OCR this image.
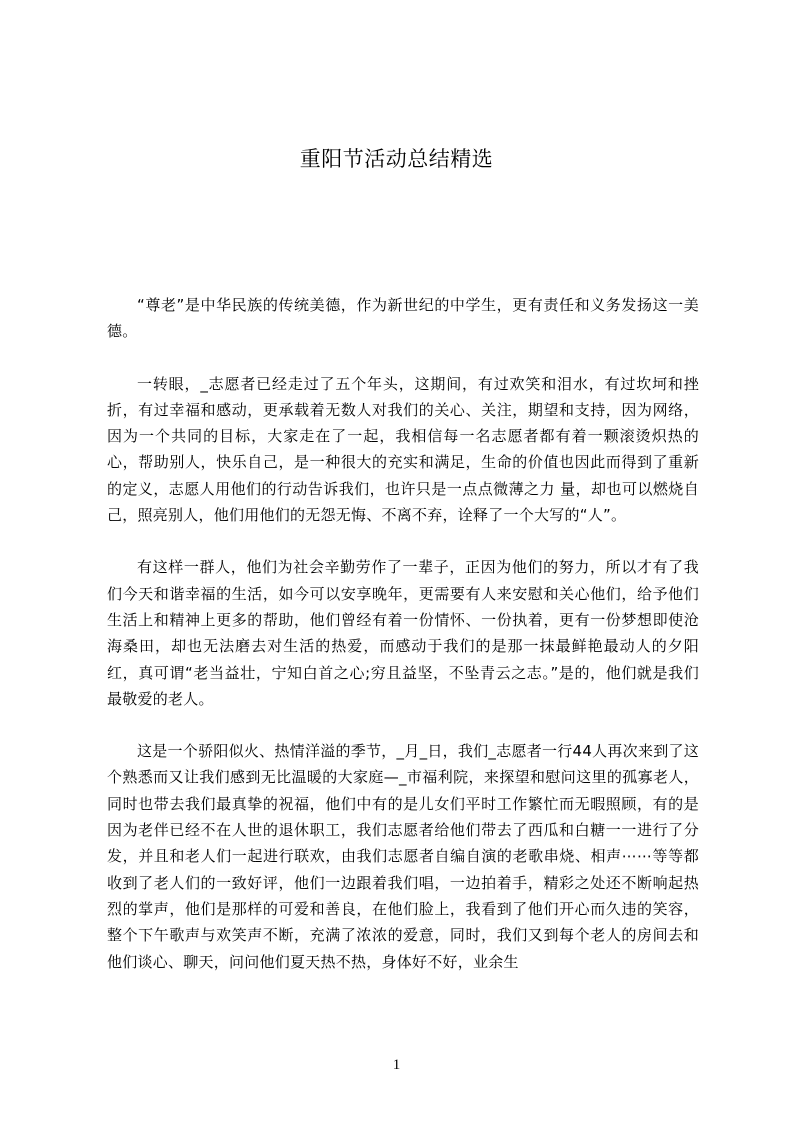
重阳节活动总结精选

“尊老”是中华民族的传统美德，作为新世纪的中学生，更有责任和义务发扬这一美德。

一转眼，_志愿者已经走过了五个年头，这期间，有过欢笑和泪水，有过坎坷和挫折，有过幸福和感动，更承载着无数人对我们的关心、关注，期望和支持，因为网络，因为一个共同的目标，大家走在了一起，我相信每一名志愿者都有着一颗滚烫炽热的心，帮助别人，快乐自己，是一种很大的充实和满足，生命的价值也因此而得到了重新的定义，志愿人用他们的行动告诉我们，也许只是一点点微薄之力 量，却也可以燃烧自己，照亮别人，他们用他们的无怨无悔、不离不弃，诠释了一个大写的“人”。

有这样一群人，他们为社会辛勤劳作了一辈子，正因为他们的努力，所以才有了我们今天和谐幸福的生活，如今可以安享晚年，更需要有人来安慰和关心他们，给予他们生活上和精神上更多的帮助，他们曾经有着一份情怀、一份执着，更有一份梦想即使沧海桑田，却也无法磨去对生活的热爱，而感动于我们的是那一抹最鲜艳最动人的夕阳红，真可谓“老当益壮，宁知白首之心;穷且益坚，不坠青云之志。”是的，他们就是我们最敬爱的老人。

这是一个骄阳似火、热情洋溢的季节，_月_日，我们_志愿者一行44人再次来到了这个熟悉而又让我们感到无比温暖的大家庭—_市福利院，来探望和慰问这里的孤寡老人，同时也带去我们最真挚的祝福，他们中有的是儿女们平时工作繁忙而无暇照顾，有的是因为老伴已经不在人世的退休职工，我们志愿者给他们带去了西瓜和白糖一一进行了分发，并且和老人们一起进行联欢，由我们志愿者自编自演的老歌串烧、相声⋯⋯等等都收到了老人们的一致好评，他们一边跟着我们唱，一边拍着手，精彩之处还不断响起热烈的掌声，他们是那样的可爱和善良，在他们脸上，我看到了他们开心而久违的笑容，整个下午歌声与欢笑声不断，充满了浓浓的爱意，同时，我们又到每个老人的房间去和他们谈心、聊天，问问他们夏天热不热，身体好不好，业余生

1
